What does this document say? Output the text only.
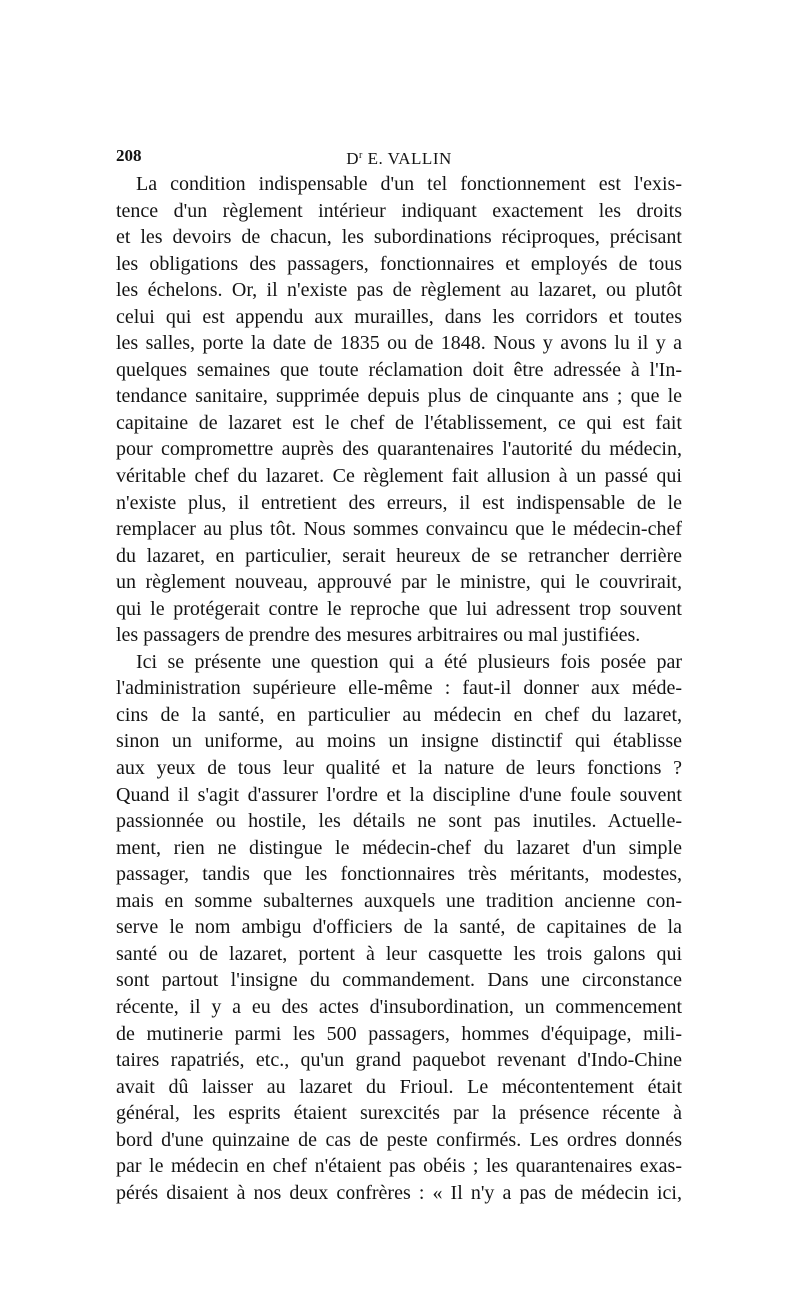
208	$D^r$ E. VALLIN
La condition indispensable d'un tel fonctionnement est l'exis-
tence d'un règlement intérieur indiquant exactement les droits
et les devoirs de chacun, les subordinations réciproques, précisant
les obligations des passagers, fonctionnaires et employés de tous
les échelons. Or, il n'existe pas de règlement au lazaret, ou plutôt
celui qui est appendu aux murailles, dans les corridors et toutes
les salles, porte la date de 1835 ou de 1848. Nous y avons lu il y a
quelques semaines que toute réclamation doit être adressée à l'In-
tendance sanitaire, supprimée depuis plus de cinquante ans ; que le
capitaine de lazaret est le chef de l'établissement, ce qui est fait
pour compromettre auprès des quarantenaires l'autorité du médecin,
véritable chef du lazaret. Ce règlement fait allusion à un passé qui
n'existe plus, il entretient des erreurs, il est indispensable de le
remplacer au plus tôt. Nous sommes convaincu que le médecin-chef
du lazaret, en particulier, serait heureux de se retrancher derrière
un règlement nouveau, approuvé par le ministre, qui le couvrirait,
qui le protégerait contre le reproche que lui adressent trop souvent
les passagers de prendre des mesures arbitraires ou mal justifiées.
Ici se présente une question qui a été plusieurs fois posée par
l'administration supérieure elle-même : faut-il donner aux méde-
cins de la santé, en particulier au médecin en chef du lazaret,
sinon un uniforme, au moins un insigne distinctif qui établisse
aux yeux de tous leur qualité et la nature de leurs fonctions ?
Quand il s'agit d'assurer l'ordre et la discipline d'une foule souvent
passionnée ou hostile, les détails ne sont pas inutiles. Actuelle-
ment, rien ne distingue le médecin-chef du lazaret d'un simple
passager, tandis que les fonctionnaires très méritants, modestes,
mais en somme subalternes auxquels une tradition ancienne con-
serve le nom ambigu d'officiers de la santé, de capitaines de la
santé ou de lazaret, portent à leur casquette les trois galons qui
sont partout l'insigne du commandement. Dans une circonstance
récente, il y a eu des actes d'insubordination, un commencement
de mutinerie parmi les 500 passagers, hommes d'équipage, mili-
taires rapatriés, etc., qu'un grand paquebot revenant d'Indo-Chine
avait dû laisser au lazaret du Frioul. Le mécontentement était
général, les esprits étaient surexcités par la présence récente à
bord d'une quinzaine de cas de peste confirmés. Les ordres donnés
par le médecin en chef n'étaient pas obéis ; les quarantenaires exas-
pérés disaient à nos deux confrères : « Il n'y a pas de médecin ici,
